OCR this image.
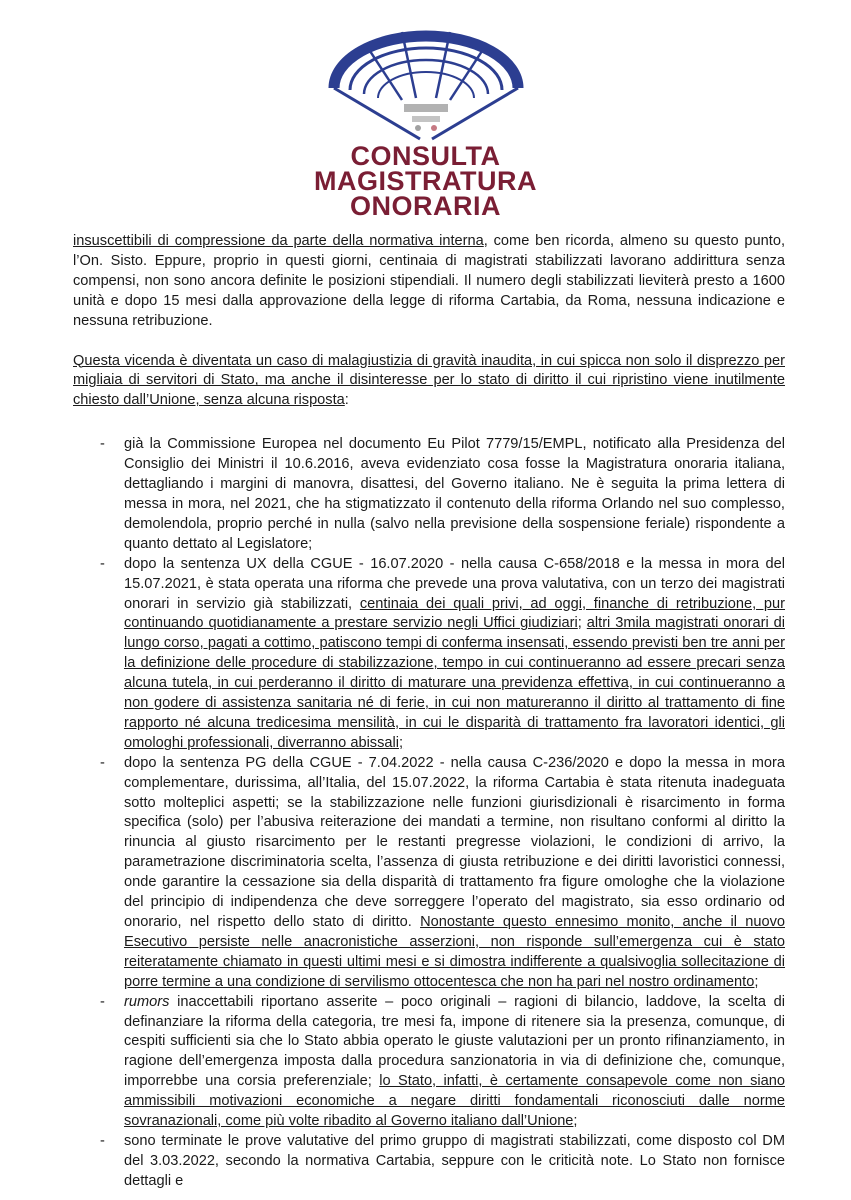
CONSULTA
MAGISTRATURA
ONORARIA

insuscettibili di compressione da parte della normativa interna, come ben ricorda, almeno su questo punto, l’On. Sisto. Eppure, proprio in questi giorni, centinaia di magistrati stabilizzati lavorano addirittura senza compensi, non sono ancora definite le posizioni stipendiali. Il numero degli stabilizzati lieviterà presto a 1600 unità e dopo 15 mesi dalla approvazione della legge di riforma Cartabia, da Roma, nessuna indicazione e nessuna retribuzione.

Questa vicenda è diventata un caso di malagiustizia di gravità inaudita, in cui spicca non solo il disprezzo per migliaia di servitori di Stato, ma anche il disinteresse per lo stato di diritto il cui ripristino viene inutilmente chiesto dall’Unione, senza alcuna risposta:

- già la Commissione Europea nel documento Eu Pilot 7779/15/EMPL, notificato alla Presidenza del Consiglio dei Ministri il 10.6.2016, aveva evidenziato cosa fosse la Magistratura onoraria italiana, dettagliando i margini di manovra, disattesi, del Governo italiano. Ne è seguita la prima lettera di messa in mora, nel 2021, che ha stigmatizzato il contenuto della riforma Orlando nel suo complesso, demolendola, proprio perché in nulla (salvo nella previsione della sospensione feriale) rispondente a quanto dettato al Legislatore;
- dopo la sentenza UX della CGUE - 16.07.2020 - nella causa C-658/2018 e la messa in mora del 15.07.2021, è stata operata una riforma che prevede una prova valutativa, con un terzo dei magistrati onorari in servizio già stabilizzati, centinaia dei quali privi, ad oggi, finanche di retribuzione, pur continuando quotidianamente a prestare servizio negli Uffici giudiziari; altri 3mila magistrati onorari di lungo corso, pagati a cottimo, patiscono tempi di conferma insensati, essendo previsti ben tre anni per la definizione delle procedure di stabilizzazione, tempo in cui continueranno ad essere precari senza alcuna tutela, in cui perderanno il diritto di maturare una previdenza effettiva, in cui continueranno a non godere di assistenza sanitaria né di ferie, in cui non matureranno il diritto al trattamento di fine rapporto né alcuna tredicesima mensilità, in cui le disparità di trattamento fra lavoratori identici, gli omologhi professionali, diverranno abissali;
- dopo la sentenza PG della CGUE - 7.04.2022 - nella causa C-236/2020 e dopo la messa in mora complementare, durissima, all’Italia, del 15.07.2022, la riforma Cartabia è stata ritenuta inadeguata sotto molteplici aspetti; se la stabilizzazione nelle funzioni giurisdizionali è risarcimento in forma specifica (solo) per l’abusiva reiterazione dei mandati a termine, non risultano conformi al diritto la rinuncia al giusto risarcimento per le restanti pregresse violazioni, le condizioni di arrivo, la parametrazione discriminatoria scelta, l’assenza di giusta retribuzione e dei diritti lavoristici connessi, onde garantire la cessazione sia della disparità di trattamento fra figure omologhe che la violazione del principio di indipendenza che deve sorreggere l’operato del magistrato, sia esso ordinario od onorario, nel rispetto dello stato di diritto. Nonostante questo ennesimo monito, anche il nuovo Esecutivo persiste nelle anacronistiche asserzioni, non risponde sull’emergenza cui è stato reiteratamente chiamato in questi ultimi mesi e si dimostra indifferente a qualsivoglia sollecitazione di porre termine a una condizione di servilismo ottocentesca che non ha pari nel nostro ordinamento;
- rumors inaccettabili riportano asserite – poco originali – ragioni di bilancio, laddove, la scelta di definanziare la riforma della categoria, tre mesi fa, impone di ritenere sia la presenza, comunque, di cespiti sufficienti sia che lo Stato abbia operato le giuste valutazioni per un pronto rifinanziamento, in ragione dell’emergenza imposta dalla procedura sanzionatoria in via di definizione che, comunque, imporrebbe una corsia preferenziale; lo Stato, infatti, è certamente consapevole come non siano ammissibili motivazioni economiche a negare diritti fondamentali riconosciuti dalle norme sovranazionali, come più volte ribadito al Governo italiano dall’Unione;
- sono terminate le prove valutative del primo gruppo di magistrati stabilizzati, come disposto col DM del 3.03.2022, secondo la normativa Cartabia, seppure con le criticità note. Lo Stato non fornisce dettagli e
